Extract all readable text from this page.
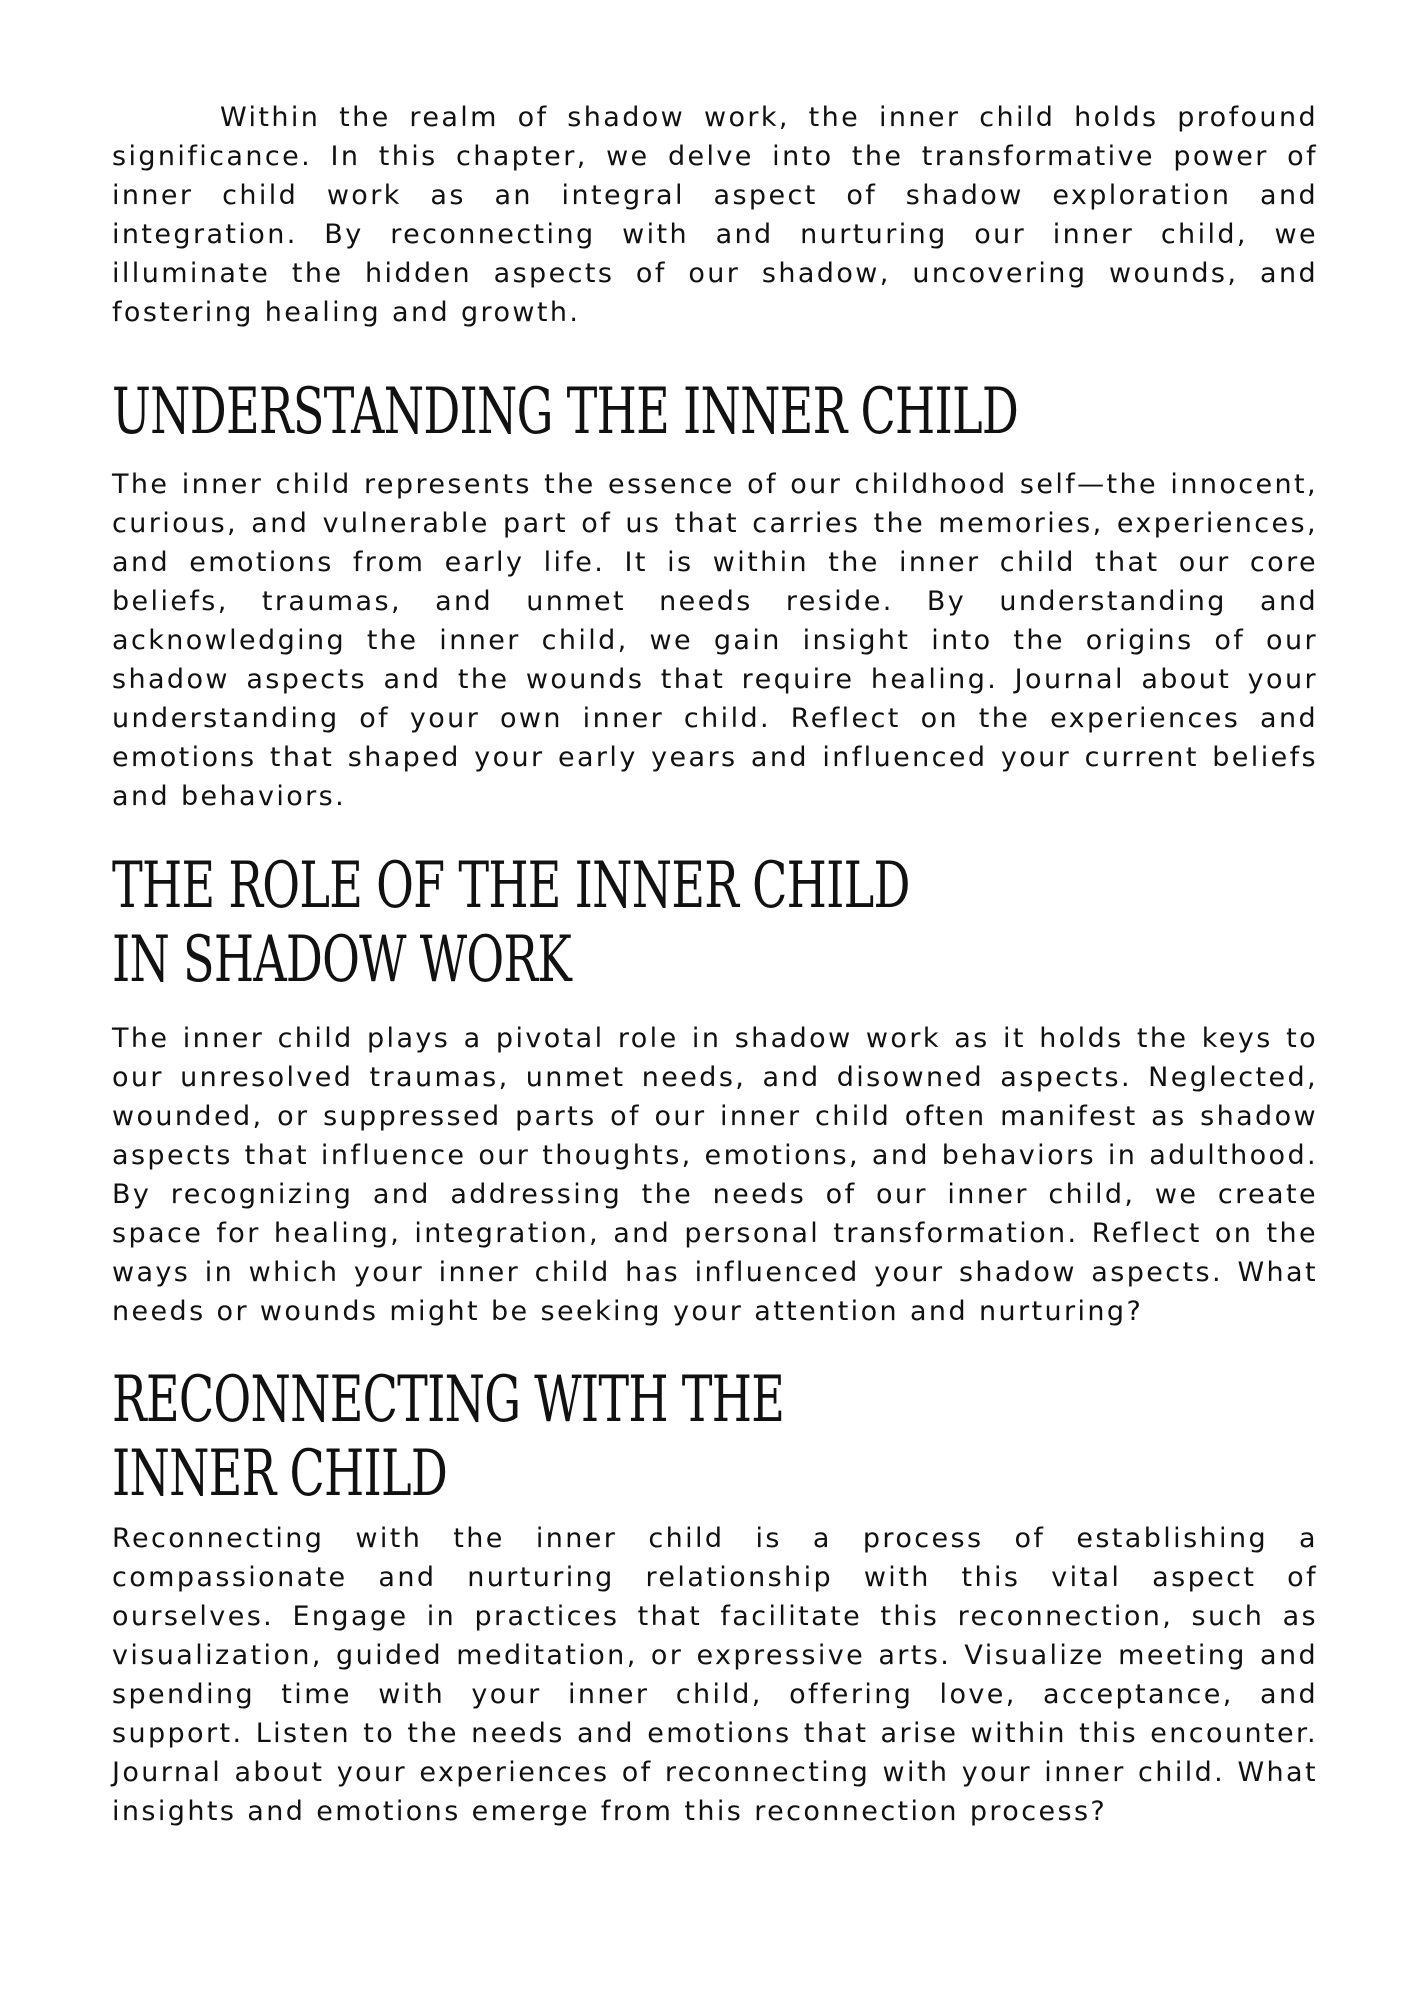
Within the realm of shadow work, the inner child holds profound significance. In this chapter, we delve into the transformative power of inner child work as an integral aspect of shadow exploration and integration. By reconnecting with and nurturing our inner child, we illuminate the hidden aspects of our shadow, uncovering wounds, and fostering healing and growth.

UNDERSTANDING THE INNER CHILD

The inner child represents the essence of our childhood self—the innocent, curious, and vulnerable part of us that carries the memories, experiences, and emotions from early life. It is within the inner child that our core beliefs, traumas, and unmet needs reside. By understanding and acknowledging the inner child, we gain insight into the origins of our shadow aspects and the wounds that require healing. Journal about your understanding of your own inner child. Reflect on the experiences and emotions that shaped your early years and influenced your current beliefs and behaviors.

THE ROLE OF THE INNER CHILD IN SHADOW WORK

The inner child plays a pivotal role in shadow work as it holds the keys to our unresolved traumas, unmet needs, and disowned aspects. Neglected, wounded, or suppressed parts of our inner child often manifest as shadow aspects that influence our thoughts, emotions, and behaviors in adulthood. By recognizing and addressing the needs of our inner child, we create space for healing, integration, and personal transformation. Reflect on the ways in which your inner child has influenced your shadow aspects. What needs or wounds might be seeking your attention and nurturing?

RECONNECTING WITH THE INNER CHILD

Reconnecting with the inner child is a process of establishing a compassionate and nurturing relationship with this vital aspect of ourselves. Engage in practices that facilitate this reconnection, such as visualization, guided meditation, or expressive arts. Visualize meeting and spending time with your inner child, offering love, acceptance, and support. Listen to the needs and emotions that arise within this encounter. Journal about your experiences of reconnecting with your inner child. What insights and emotions emerge from this reconnection process?
